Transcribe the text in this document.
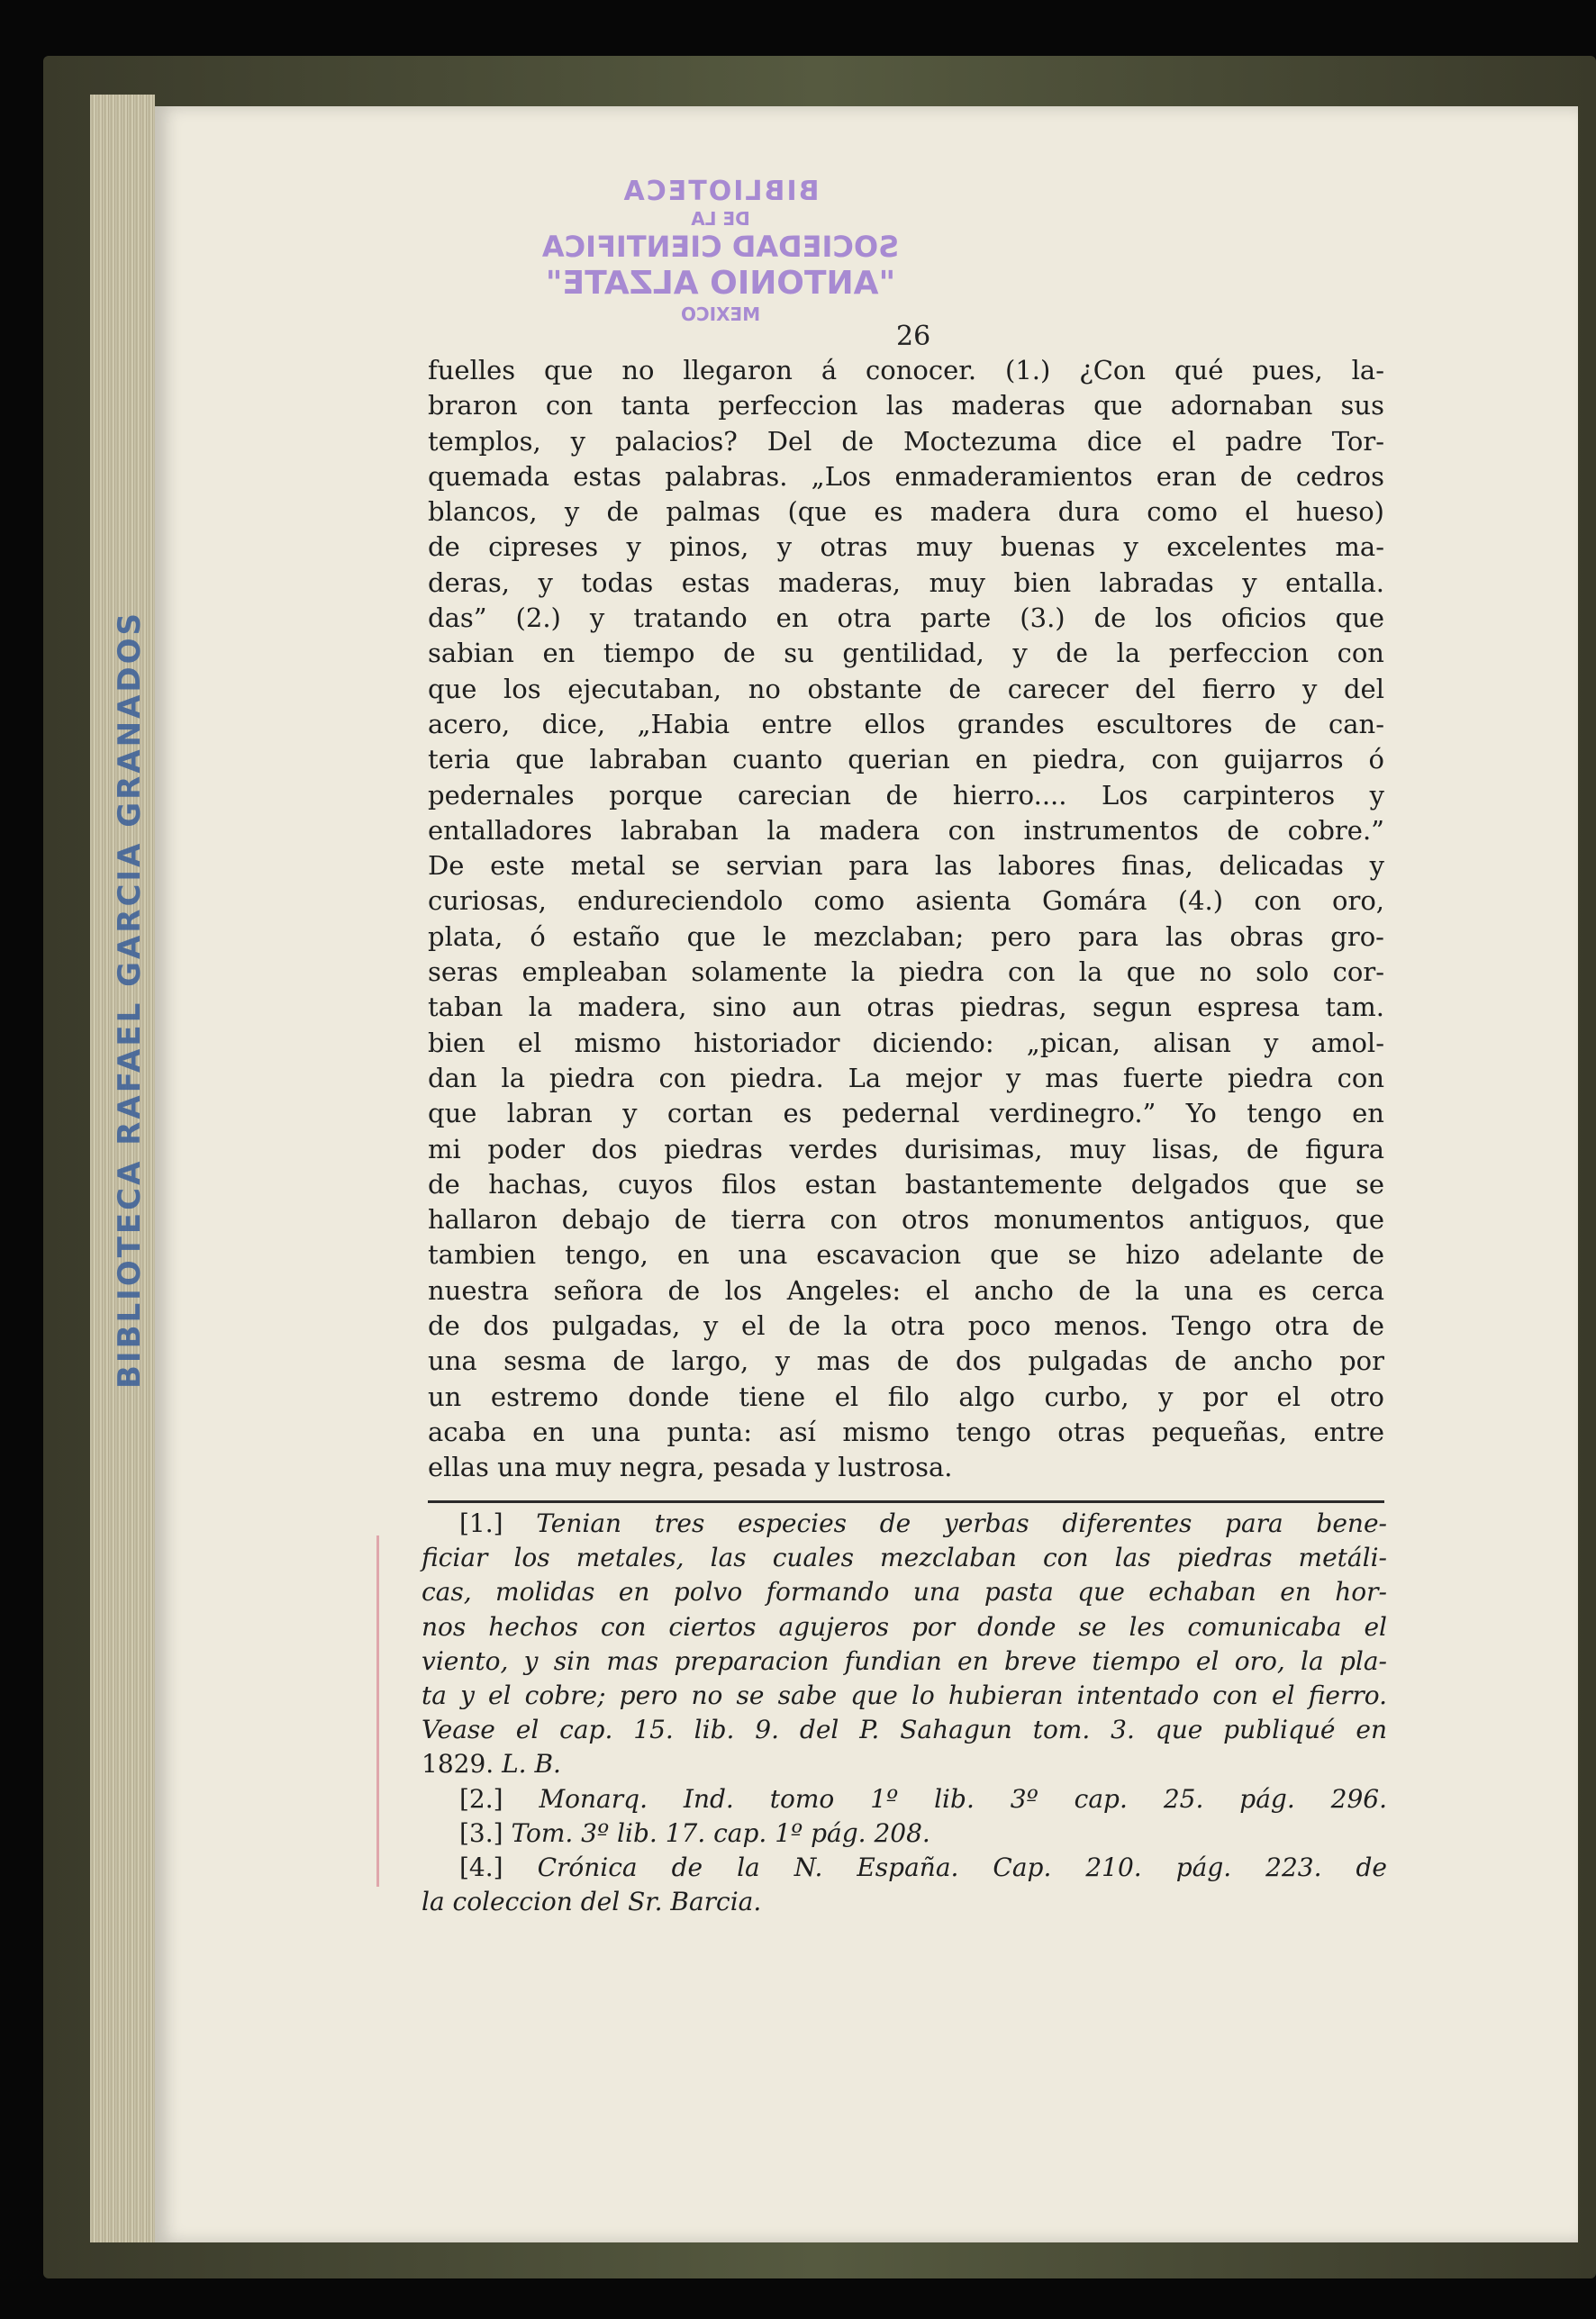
BIBLIOTECA RAFAEL GARCIA GRANADOS
BIBLIOTECA
DE LA
SOCIEDAD CIENTIFICA
"ANTONIO ALZATE"
MEXICO
26
fuelles que no llegaron á conocer. (1.) ¿Con qué pues, la-
braron con tanta perfeccion las maderas que adornaban sus
templos, y palacios? Del de Moctezuma dice el padre Tor-
quemada estas palabras. „Los enmaderamientos eran de cedros
blancos, y de palmas (que es madera dura como el hueso)
de cipreses y pinos, y otras muy buenas y excelentes ma-
deras, y todas estas maderas, muy bien labradas y entalla.
das” (2.) y tratando en otra parte (3.) de los oficios que
sabian en tiempo de su gentilidad, y de la perfeccion con
que los ejecutaban, no obstante de carecer del fierro y del
acero, dice, „Habia entre ellos grandes escultores de can-
teria que labraban cuanto querian en piedra, con guijarros ó
pedernales porque carecian de hierro.... Los carpinteros y
entalladores labraban la madera con instrumentos de cobre.”
De este metal se servian para las labores finas, delicadas y
curiosas, endureciendolo como asienta Gomára (4.) con oro,
plata, ó estaño que le mezclaban; pero para las obras gro-
seras empleaban solamente la piedra con la que no solo cor-
taban la madera, sino aun otras piedras, segun espresa tam.
bien el mismo historiador diciendo: „pican, alisan y amol-
dan la piedra con piedra. La mejor y mas fuerte piedra con
que labran y cortan es pedernal verdinegro.” Yo tengo en
mi poder dos piedras verdes durisimas, muy lisas, de figura
de hachas, cuyos filos estan bastantemente delgados que se
hallaron debajo de tierra con otros monumentos antiguos, que
tambien tengo, en una escavacion que se hizo adelante de
nuestra señora de los Angeles: el ancho de la una es cerca
de dos pulgadas, y el de la otra poco menos. Tengo otra de
una sesma de largo, y mas de dos pulgadas de ancho por
un estremo donde tiene el filo algo curbo, y por el otro
acaba en una punta: así mismo tengo otras pequeñas, entre
ellas una muy negra, pesada y lustrosa.
[1.] Tenian tres especies de yerbas diferentes para bene-
ficiar los metales, las cuales mezclaban con las piedras metáli-
cas, molidas en polvo formando una pasta que echaban en hor-
nos hechos con ciertos agujeros por donde se les comunicaba el
viento, y sin mas preparacion fundian en breve tiempo el oro, la pla-
ta y el cobre; pero no se sabe que lo hubieran intentado con el fierro.
Vease el cap. 15. lib. 9. del P. Sahagun tom. 3. que publiqué en
1829. L. B.
[2.] Monarq. Ind. tomo 1º lib. 3º cap. 25. pág. 296.
[3.] Tom. 3º lib. 17. cap. 1º pág. 208.
[4.] Crónica de la N. España. Cap. 210. pág. 223. de
la coleccion del Sr. Barcia.
